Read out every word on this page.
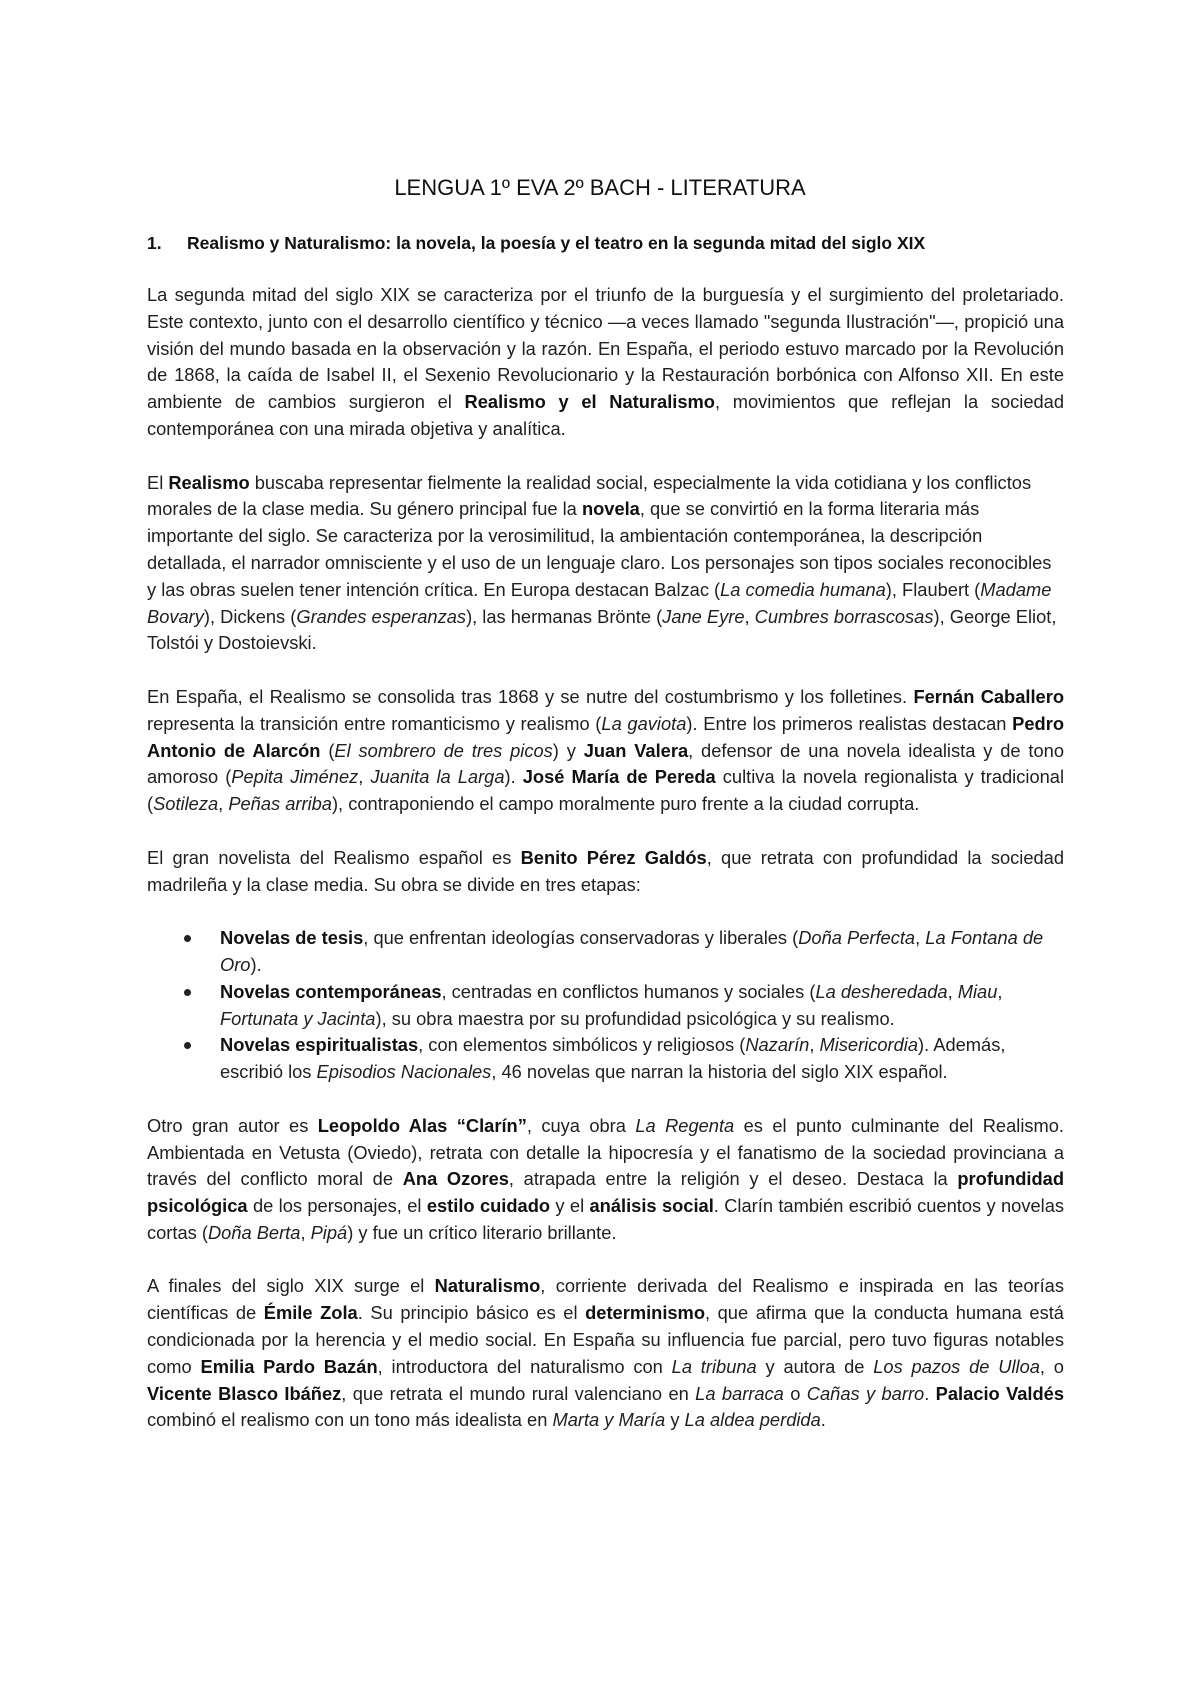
LENGUA 1º EVA 2º BACH - LITERATURA
1. Realismo y Naturalismo: la novela, la poesía y el teatro en la segunda mitad del siglo XIX

La segunda mitad del siglo XIX se caracteriza por el triunfo de la burguesía y el surgimiento del proletariado. Este contexto, junto con el desarrollo científico y técnico —a veces llamado "segunda Ilustración"—, propició una visión del mundo basada en la observación y la razón. En España, el periodo estuvo marcado por la Revolución de 1868, la caída de Isabel II, el Sexenio Revolucionario y la Restauración borbónica con Alfonso XII. En este ambiente de cambios surgieron el Realismo y el Naturalismo, movimientos que reflejan la sociedad contemporánea con una mirada objetiva y analítica.

El Realismo buscaba representar fielmente la realidad social, especialmente la vida cotidiana y los conflictos morales de la clase media. Su género principal fue la novela, que se convirtió en la forma literaria más importante del siglo. Se caracteriza por la verosimilitud, la ambientación contemporánea, la descripción detallada, el narrador omnisciente y el uso de un lenguaje claro. Los personajes son tipos sociales reconocibles y las obras suelen tener intención crítica. En Europa destacan Balzac (La comedia humana), Flaubert (Madame Bovary), Dickens (Grandes esperanzas), las hermanas Brönte (Jane Eyre, Cumbres borrascosas), George Eliot, Tolstói y Dostoievski.

En España, el Realismo se consolida tras 1868 y se nutre del costumbrismo y los folletines. Fernán Caballero representa la transición entre romanticismo y realismo (La gaviota). Entre los primeros realistas destacan Pedro Antonio de Alarcón (El sombrero de tres picos) y Juan Valera, defensor de una novela idealista y de tono amoroso (Pepita Jiménez, Juanita la Larga). José María de Pereda cultiva la novela regionalista y tradicional (Sotileza, Peñas arriba), contraponiendo el campo moralmente puro frente a la ciudad corrupta.

El gran novelista del Realismo español es Benito Pérez Galdós, que retrata con profundidad la sociedad madrileña y la clase media. Su obra se divide en tres etapas:

Novelas de tesis, que enfrentan ideologías conservadoras y liberales (Doña Perfecta, La Fontana de Oro).
Novelas contemporáneas, centradas en conflictos humanos y sociales (La desheredada, Miau, Fortunata y Jacinta), su obra maestra por su profundidad psicológica y su realismo.
Novelas espiritualistas, con elementos simbólicos y religiosos (Nazarín, Misericordia). Además, escribió los Episodios Nacionales, 46 novelas que narran la historia del siglo XIX español.

Otro gran autor es Leopoldo Alas “Clarín”, cuya obra La Regenta es el punto culminante del Realismo. Ambientada en Vetusta (Oviedo), retrata con detalle la hipocresía y el fanatismo de la sociedad provinciana a través del conflicto moral de Ana Ozores, atrapada entre la religión y el deseo. Destaca la profundidad psicológica de los personajes, el estilo cuidado y el análisis social. Clarín también escribió cuentos y novelas cortas (Doña Berta, Pipá) y fue un crítico literario brillante.

A finales del siglo XIX surge el Naturalismo, corriente derivada del Realismo e inspirada en las teorías científicas de Émile Zola. Su principio básico es el determinismo, que afirma que la conducta humana está condicionada por la herencia y el medio social. En España su influencia fue parcial, pero tuvo figuras notables como Emilia Pardo Bazán, introductora del naturalismo con La tribuna y autora de Los pazos de Ulloa, o Vicente Blasco Ibáñez, que retrata el mundo rural valenciano en La barraca o Cañas y barro. Palacio Valdés combinó el realismo con un tono más idealista en Marta y María y La aldea perdida.
